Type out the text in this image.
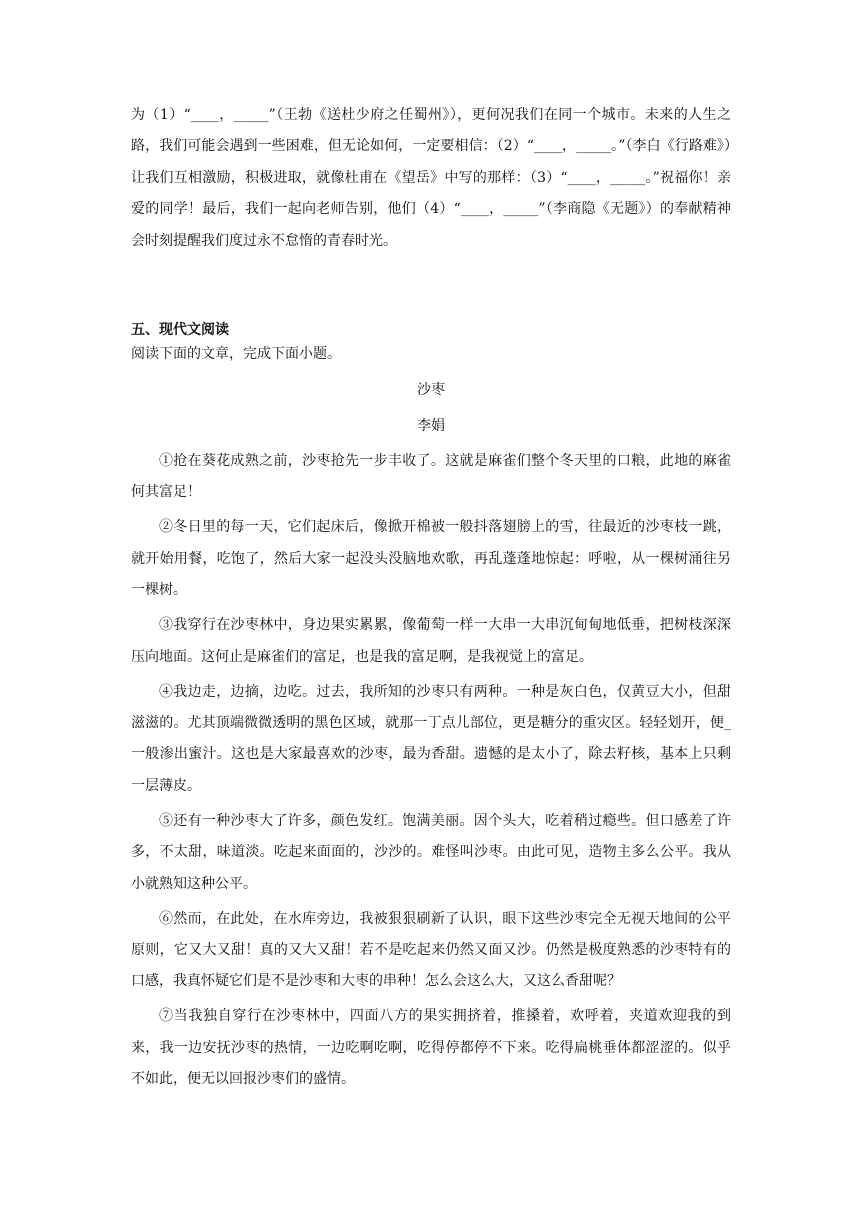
为（1）“____，_____”（王勃《送杜少府之任蜀州》），更何况我们在同一个城市。未来的人生之路，我们可能会遇到一些困难，但无论如何，一定要相信：（2）“____，_____。”（李白《行路难》）让我们互相激励，积极进取，就像杜甫在《望岳》中写的那样：（3）“____，_____。”祝福你！亲爱的同学！最后，我们一起向老师告别，他们（4）“____，_____”（李商隐《无题》）的奉献精神会时刻提醒我们度过永不怠惰的青春时光。
五、现代文阅读
阅读下面的文章，完成下面小题。
沙枣
李娟

①抢在葵花成熟之前，沙枣抢先一步丰收了。这就是麻雀们整个冬天里的口粮，此地的麻雀何其富足！

②冬日里的每一天，它们起床后，像掀开棉被一般抖落翅膀上的雪，往最近的沙枣枝一跳，就开始用餐，吃饱了，然后大家一起没头没脑地欢歌，再乱蓬蓬地惊起：呼啦，从一棵树涌往另一棵树。

③我穿行在沙枣林中，身边果实累累，像葡萄一样一大串一大串沉甸甸地低垂，把树枝深深压向地面。这何止是麻雀们的富足，也是我的富足啊，是我视觉上的富足。

④我边走，边摘，边吃。过去，我所知的沙枣只有两种。一种是灰白色，仅黄豆大小，但甜滋滋的。尤其顶端微微透明的黑色区域，就那一丁点儿部位，更是糖分的重灾区。轻轻划开，便_一般渗出蜜汁。这也是大家最喜欢的沙枣，最为香甜。遗憾的是太小了，除去籽核，基本上只剩一层薄皮。

⑤还有一种沙枣大了许多，颜色发红。饱满美丽。因个头大，吃着稍过瘾些。但口感差了许多，不太甜，味道淡。吃起来面面的，沙沙的。难怪叫沙枣。由此可见，造物主多么公平。我从小就熟知这种公平。

⑥然而，在此处，在水库旁边，我被狠狠刷新了认识，眼下这些沙枣完全无视天地间的公平原则，它又大又甜！真的又大又甜！若不是吃起来仍然又面又沙。仍然是极度熟悉的沙枣特有的口感，我真怀疑它们是不是沙枣和大枣的串种！怎么会这么大，又这么香甜呢？

⑦当我独自穿行在沙枣林中，四面八方的果实拥挤着，推搡着，欢呼着，夹道欢迎我的到来，我一边安抚沙枣的热情，一边吃啊吃啊，吃得停都停不下来。吃得扁桃垂体都涩涩的。似乎不如此，便无以回报沙枣们的盛情。
